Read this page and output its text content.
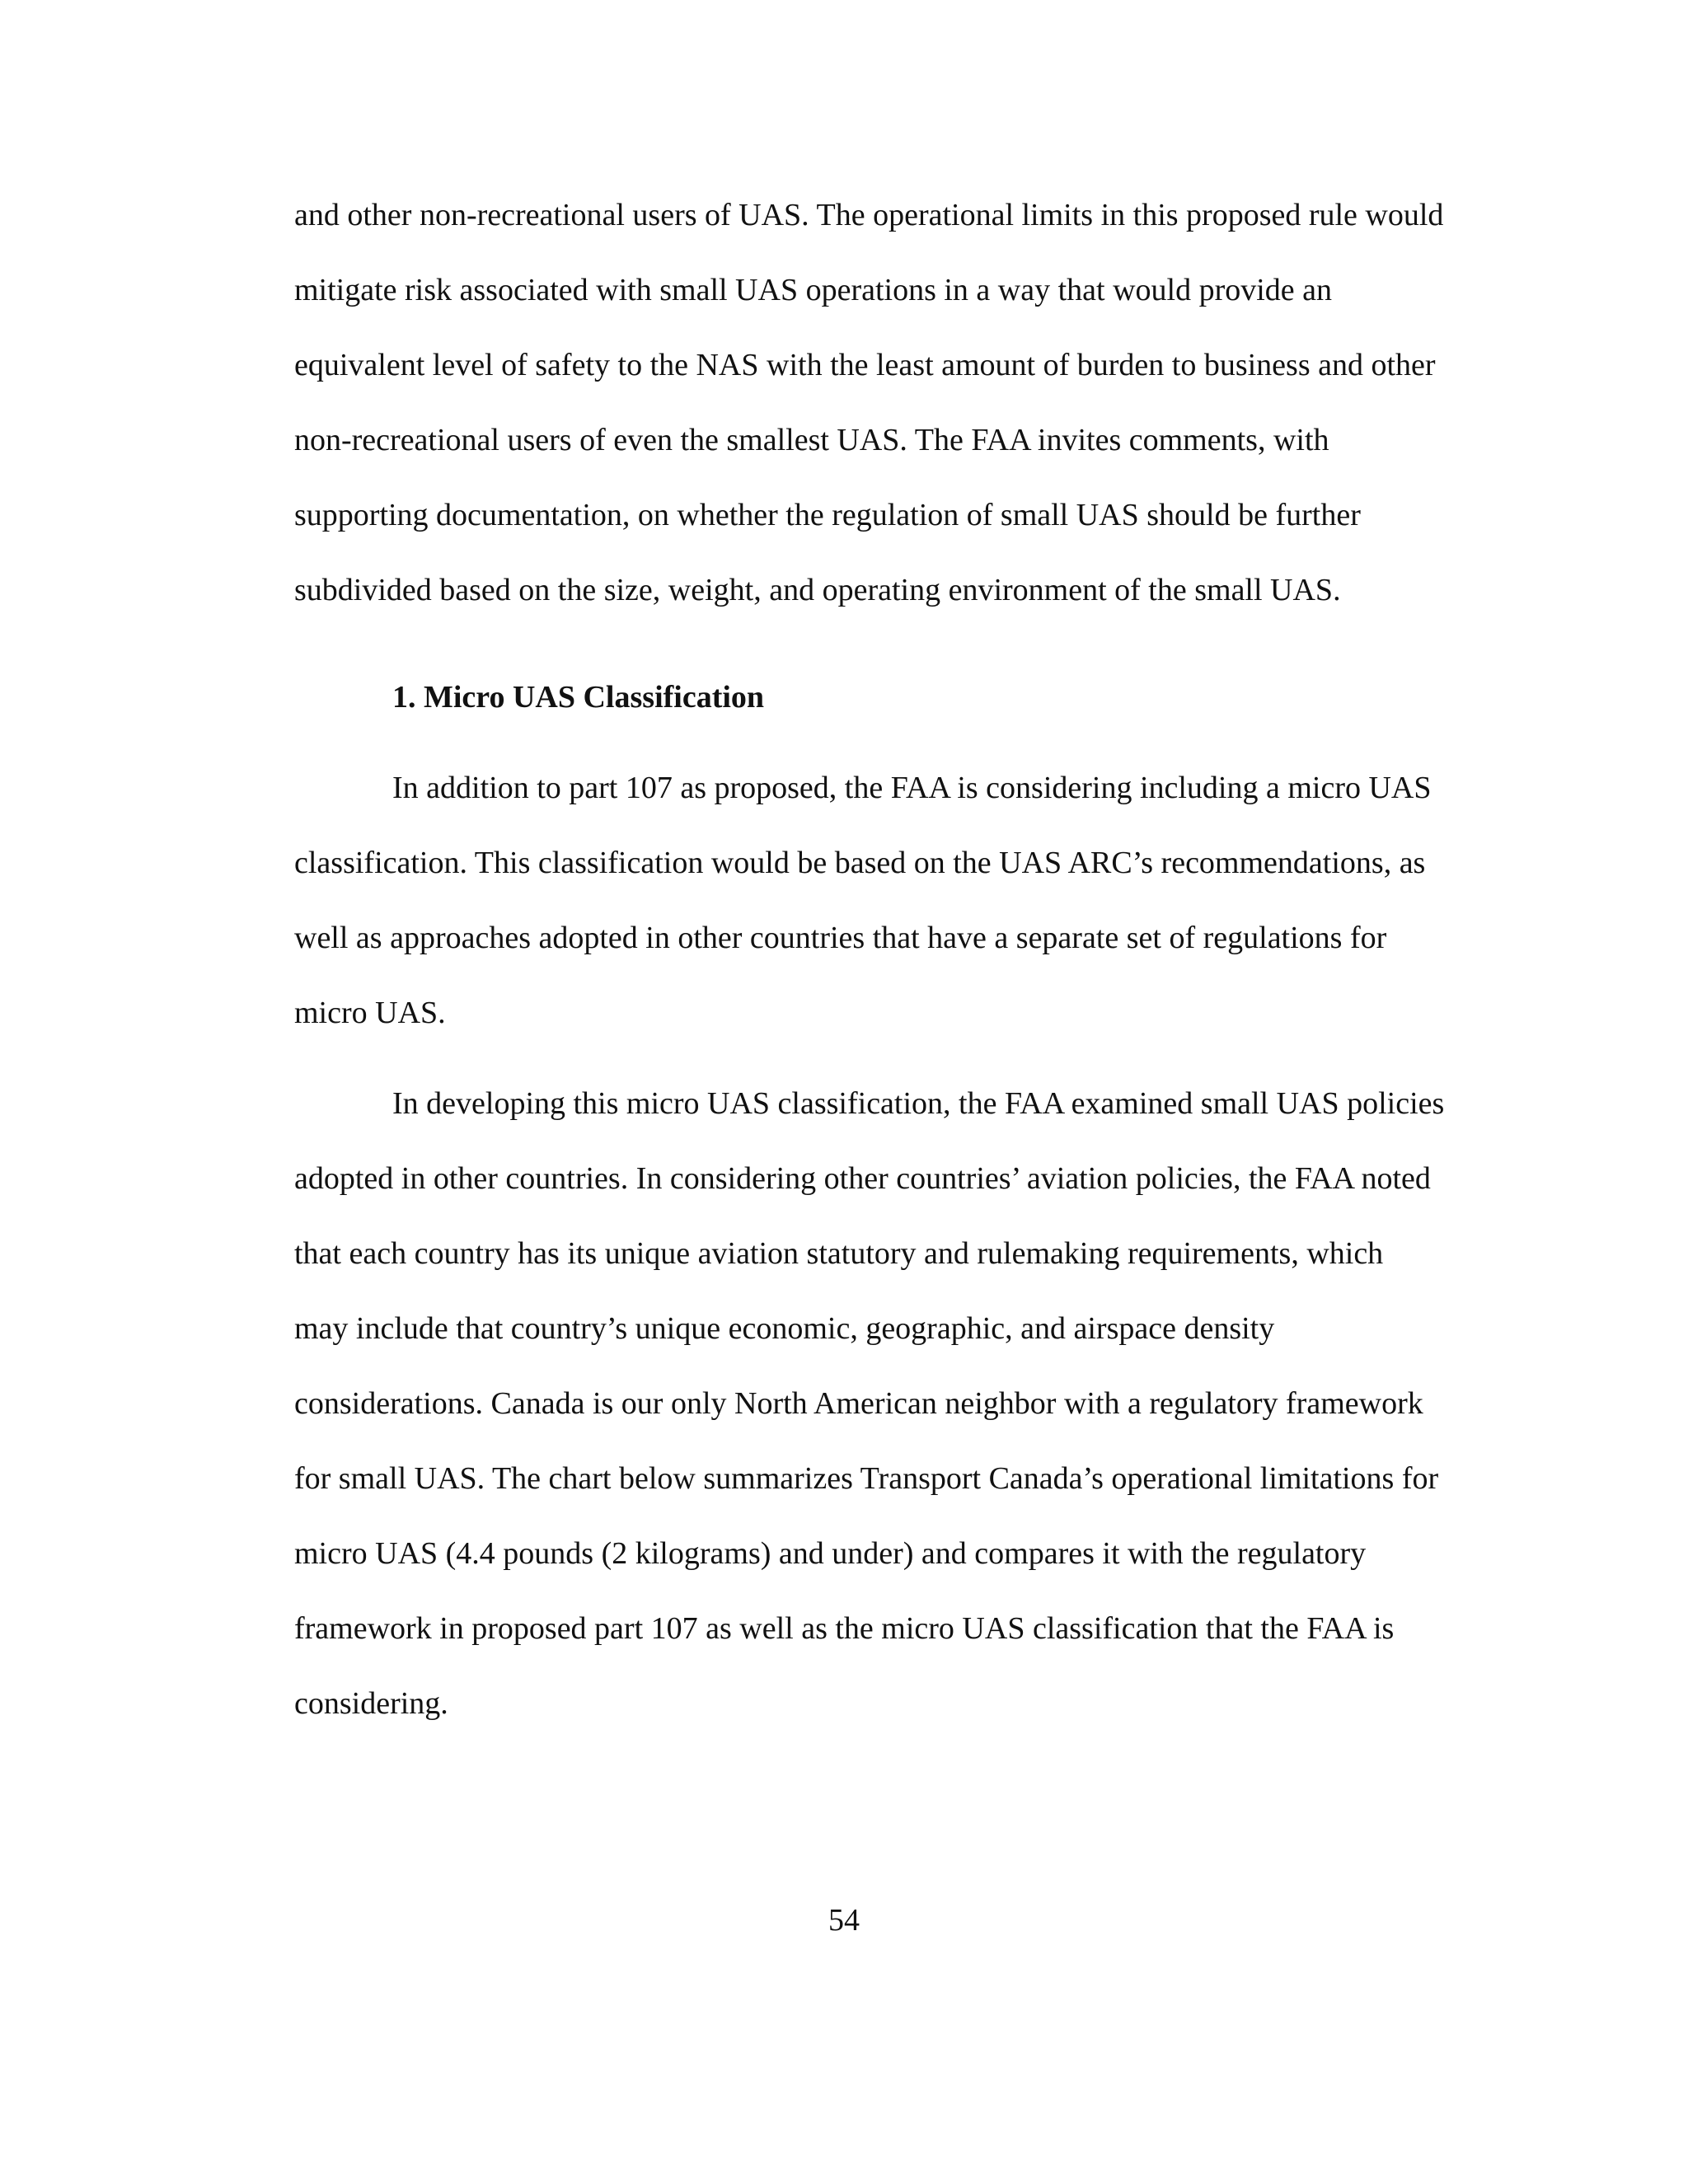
and other non-recreational users of UAS. The operational limits in this proposed rule would

mitigate risk associated with small UAS operations in a way that would provide an

equivalent level of safety to the NAS with the least amount of burden to business and other

non-recreational users of even the smallest UAS. The FAA invites comments, with

supporting documentation, on whether the regulation of small UAS should be further

subdivided based on the size, weight, and operating environment of the small UAS.

1. Micro UAS Classification

In addition to part 107 as proposed, the FAA is considering including a micro UAS

classification. This classification would be based on the UAS ARC’s recommendations, as

well as approaches adopted in other countries that have a separate set of regulations for

micro UAS.

In developing this micro UAS classification, the FAA examined small UAS policies

adopted in other countries. In considering other countries’ aviation policies, the FAA noted

that each country has its unique aviation statutory and rulemaking requirements, which

may include that country’s unique economic, geographic, and airspace density

considerations. Canada is our only North American neighbor with a regulatory framework

for small UAS. The chart below summarizes Transport Canada’s operational limitations for

micro UAS (4.4 pounds (2 kilograms) and under) and compares it with the regulatory

framework in proposed part 107 as well as the micro UAS classification that the FAA is

considering.

54
